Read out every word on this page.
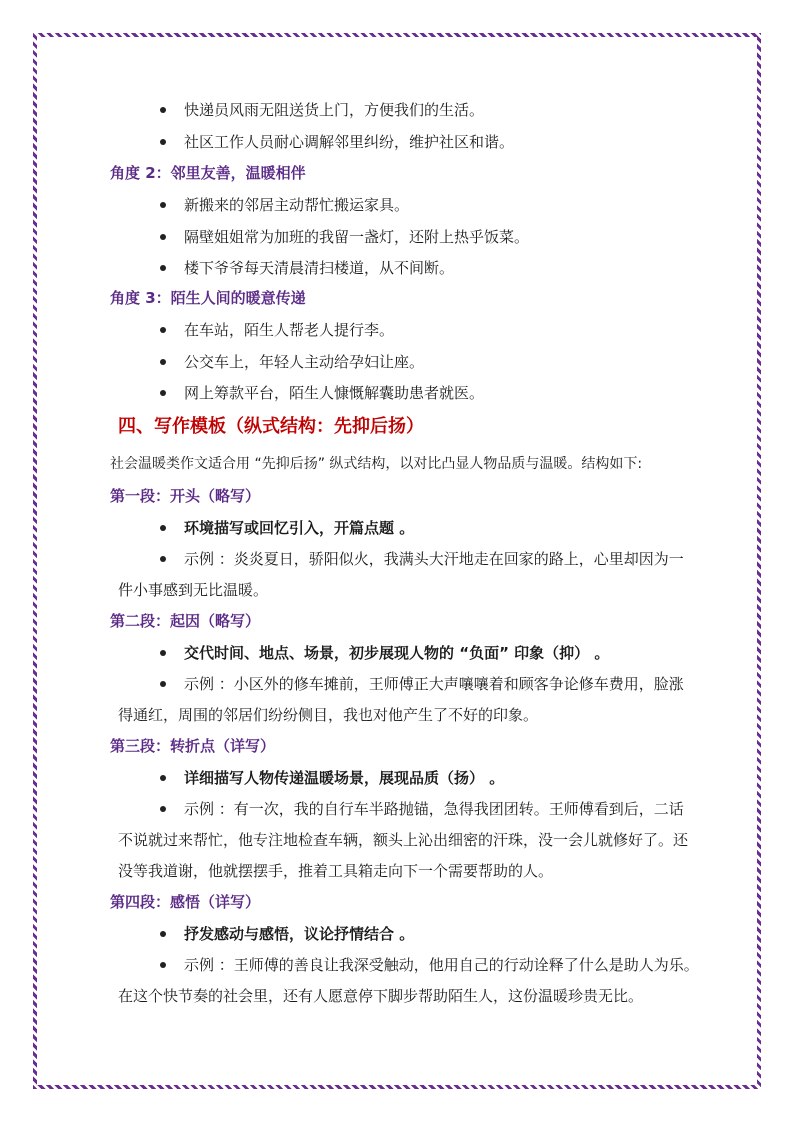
快递员风雨无阻送货上门，方便我们的生活。
社区工作人员耐心调解邻里纠纷，维护社区和谐。
角度 2：邻里友善，温暖相伴
新搬来的邻居主动帮忙搬运家具。
隔壁姐姐常为加班的我留一盏灯，还附上热乎饭菜。
楼下爷爷每天清晨清扫楼道，从不间断。
角度 3：陌生人间的暖意传递
在车站，陌生人帮老人提行李。
公交车上，年轻人主动给孕妇让座。
网上筹款平台，陌生人慷慨解囊助患者就医。
四、写作模板（纵式结构：先抑后扬）
社会温暖类作文适合用 “先抑后扬” 纵式结构，以对比凸显人物品质与温暖。结构如下:
第一段：开头（略写）
环境描写或回忆引入，开篇点题 。
示例 ：炎炎夏日，骄阳似火，我满头大汗地走在回家的路上，心里却因为一
件小事感到无比温暖。
第二段：起因（略写）
交代时间、地点、场景，初步展现人物的 “负面” 印象（抑） 。
示例 ：小区外的修车摊前，王师傅正大声嚷嚷着和顾客争论修车费用，脸涨
得通红，周围的邻居们纷纷侧目，我也对他产生了不好的印象。
第三段：转折点（详写）
详细描写人物传递温暖场景，展现品质（扬） 。
示例 ：有一次，我的自行车半路抛锚，急得我团团转。王师傅看到后，二话
不说就过来帮忙，他专注地检查车辆，额头上沁出细密的汗珠，没一会儿就修好了。还
没等我道谢，他就摆摆手，推着工具箱走向下一个需要帮助的人。
第四段：感悟（详写）
抒发感动与感悟，议论抒情结合 。
示例 ：王师傅的善良让我深受触动，他用自己的行动诠释了什么是助人为乐。
在这个快节奏的社会里，还有人愿意停下脚步帮助陌生人，这份温暖珍贵无比。
